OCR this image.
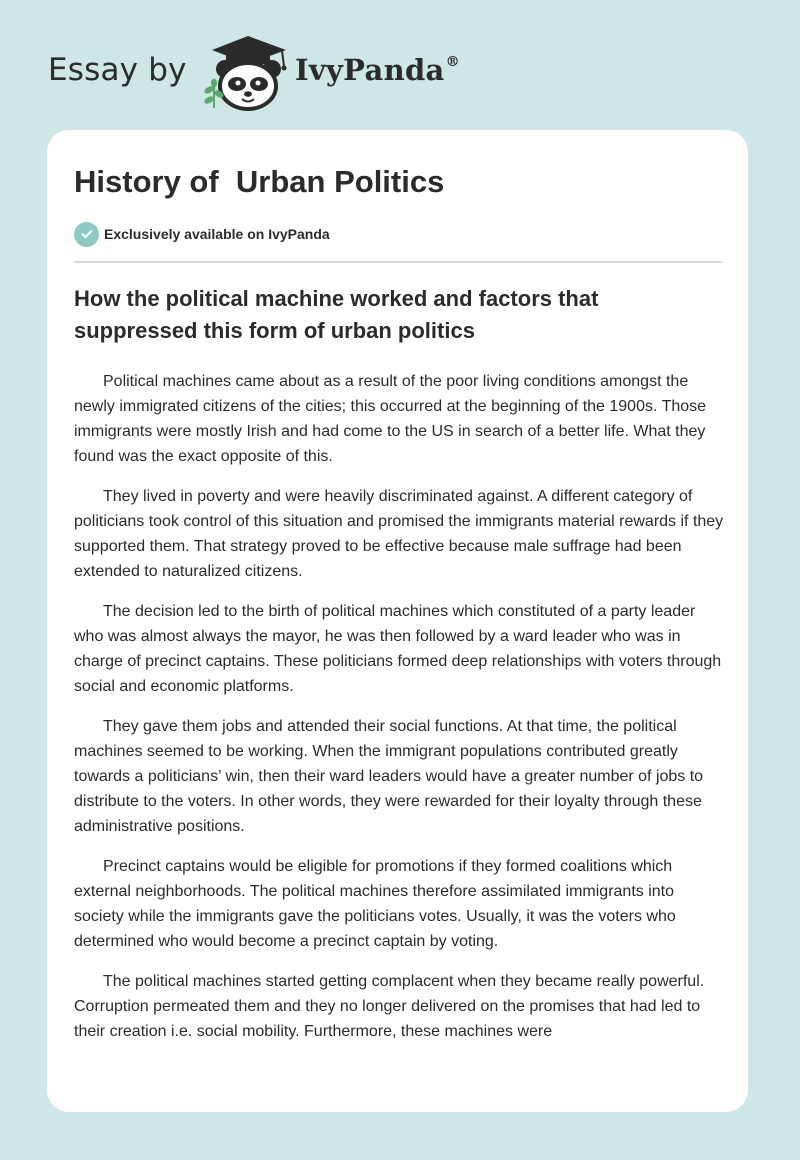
Essay by	IvyPanda®
History of  Urban Politics
Exclusively available on IvyPanda
How the political machine worked and factors that suppressed this form of urban politics

Political machines came about as a result of the poor living conditions amongst the newly immigrated citizens of the cities; this occurred at the beginning of the 1900s. Those immigrants were mostly Irish and had come to the US in search of a better life. What they found was the exact opposite of this.

They lived in poverty and were heavily discriminated against. A different category of politicians took control of this situation and promised the immigrants material rewards if they supported them. That strategy proved to be effective because male suffrage had been extended to naturalized citizens.

The decision led to the birth of political machines which constituted of a party leader who was almost always the mayor, he was then followed by a ward leader who was in charge of precinct captains. These politicians formed deep relationships with voters through social and economic platforms.

They gave them jobs and attended their social functions. At that time, the political machines seemed to be working. When the immigrant populations contributed greatly towards a politicians’ win, then their ward leaders would have a greater number of jobs to distribute to the voters. In other words, they were rewarded for their loyalty through these administrative positions.

Precinct captains would be eligible for promotions if they formed coalitions which external neighborhoods. The political machines therefore assimilated immigrants into society while the immigrants gave the politicians votes. Usually, it was the voters who determined who would become a precinct captain by voting.

The political machines started getting complacent when they became really powerful. Corruption permeated them and they no longer delivered on the promises that had led to their creation i.e. social mobility. Furthermore, these machines were
